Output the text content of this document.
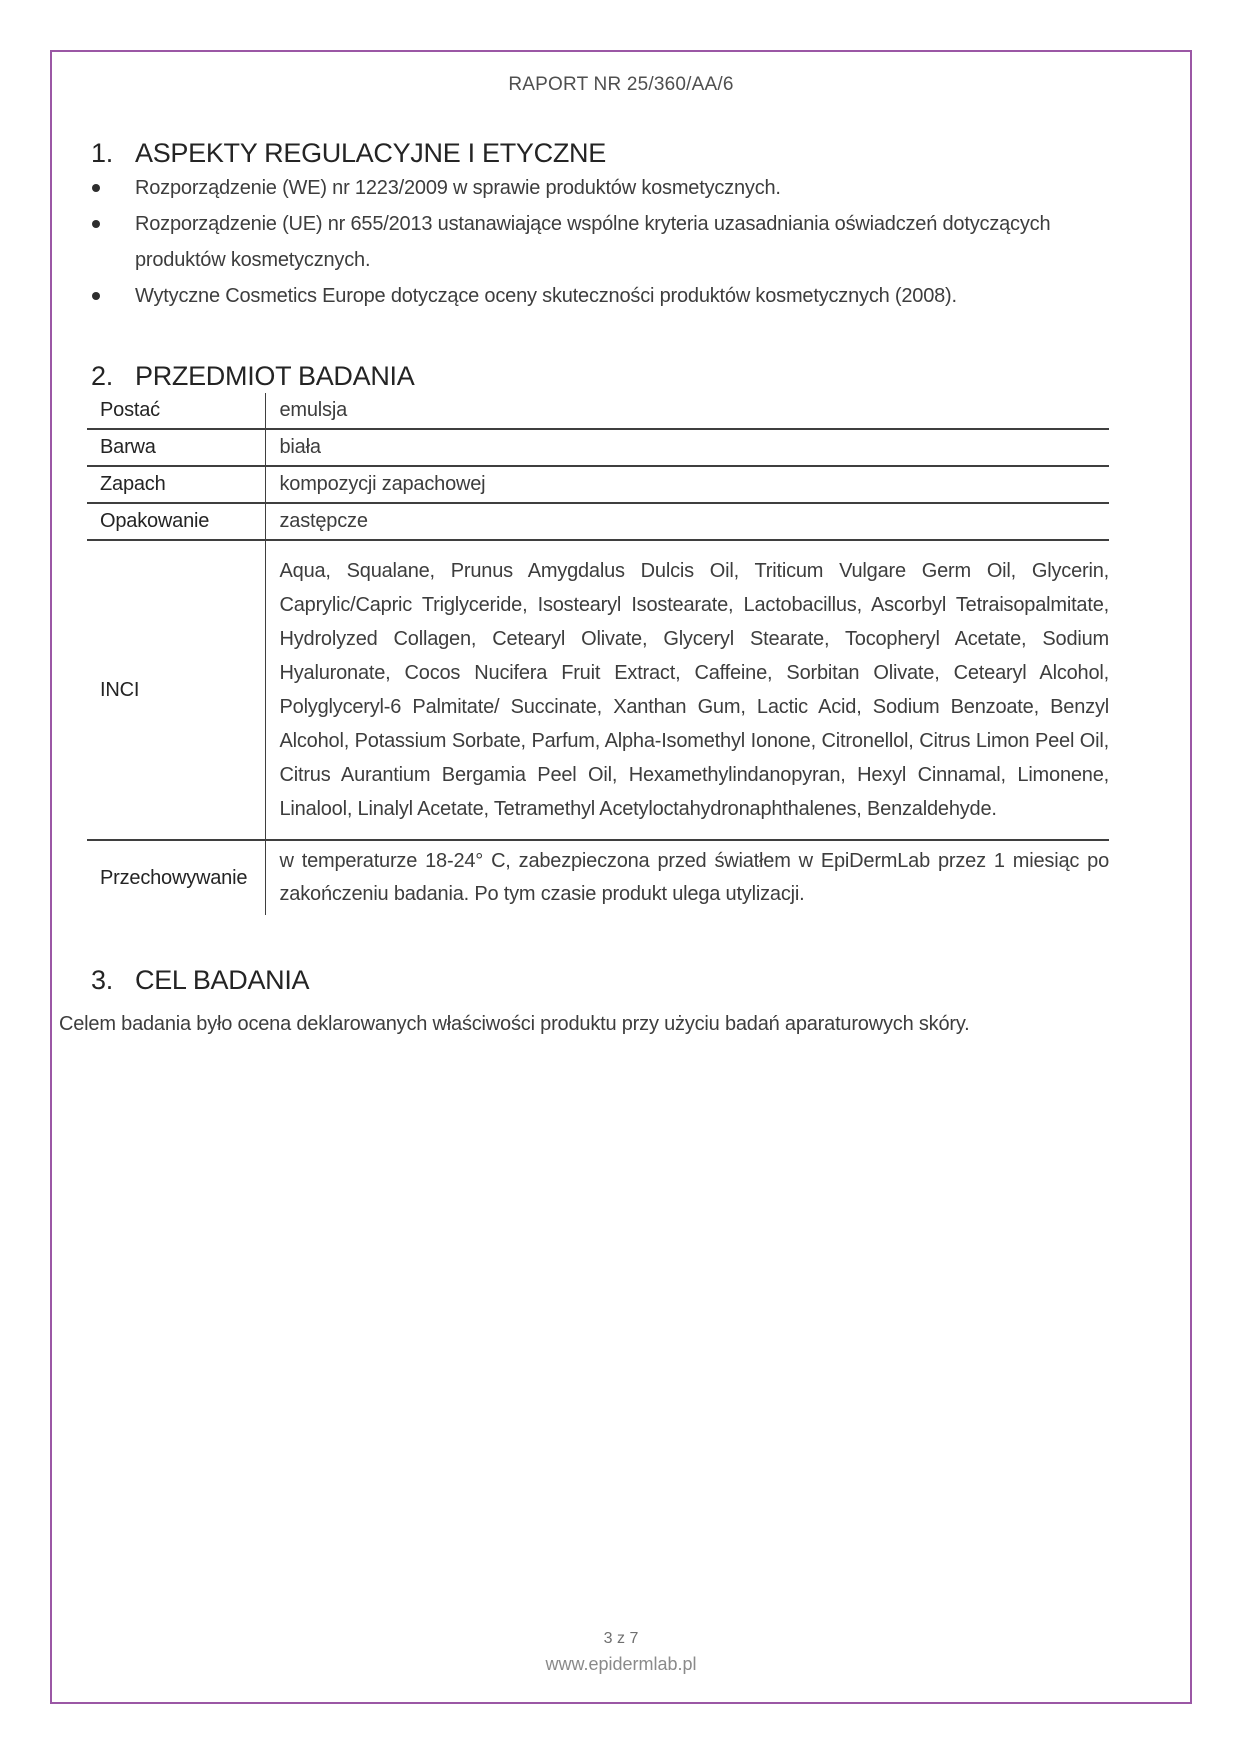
RAPORT NR 25/360/AA/6
1. ASPEKTY REGULACYJNE I ETYCZNE
Rozporządzenie (WE) nr 1223/2009 w sprawie produktów kosmetycznych.
Rozporządzenie (UE) nr 655/2013 ustanawiające wspólne kryteria uzasadniania oświadczeń dotyczących produktów kosmetycznych.
Wytyczne Cosmetics Europe dotyczące oceny skuteczności produktów kosmetycznych (2008).
2. PRZEDMIOT BADANIA
Postać	emulsja
Barwa	biała
Zapach	kompozycji zapachowej
Opakowanie	zastępcze
INCI	Aqua, Squalane, Prunus Amygdalus Dulcis Oil, Triticum Vulgare Germ Oil, Glycerin, Caprylic/Capric Triglyceride, Isostearyl Isostearate, Lactobacillus, Ascorbyl Tetraisopalmitate, Hydrolyzed Collagen, Cetearyl Olivate, Glyceryl Stearate, Tocopheryl Acetate, Sodium Hyaluronate, Cocos Nucifera Fruit Extract, Caffeine, Sorbitan Olivate, Cetearyl Alcohol, Polyglyceryl-6 Palmitate/ Succinate, Xanthan Gum, Lactic Acid, Sodium Benzoate, Benzyl Alcohol, Potassium Sorbate, Parfum, Alpha-Isomethyl Ionone, Citronellol, Citrus Limon Peel Oil, Citrus Aurantium Bergamia Peel Oil, Hexamethylindanopyran, Hexyl Cinnamal, Limonene, Linalool, Linalyl Acetate, Tetramethyl Acetyloctahydronaphthalenes, Benzaldehyde.
Przechowywanie	w temperaturze 18-24° C, zabezpieczona przed światłem w EpiDermLab przez 1 miesiąc po zakończeniu badania. Po tym czasie produkt ulega utylizacji.
3. CEL BADANIA

Celem badania było ocena deklarowanych właściwości produktu przy użyciu badań aparaturowych skóry.

3 z 7
www.epidermlab.pl
